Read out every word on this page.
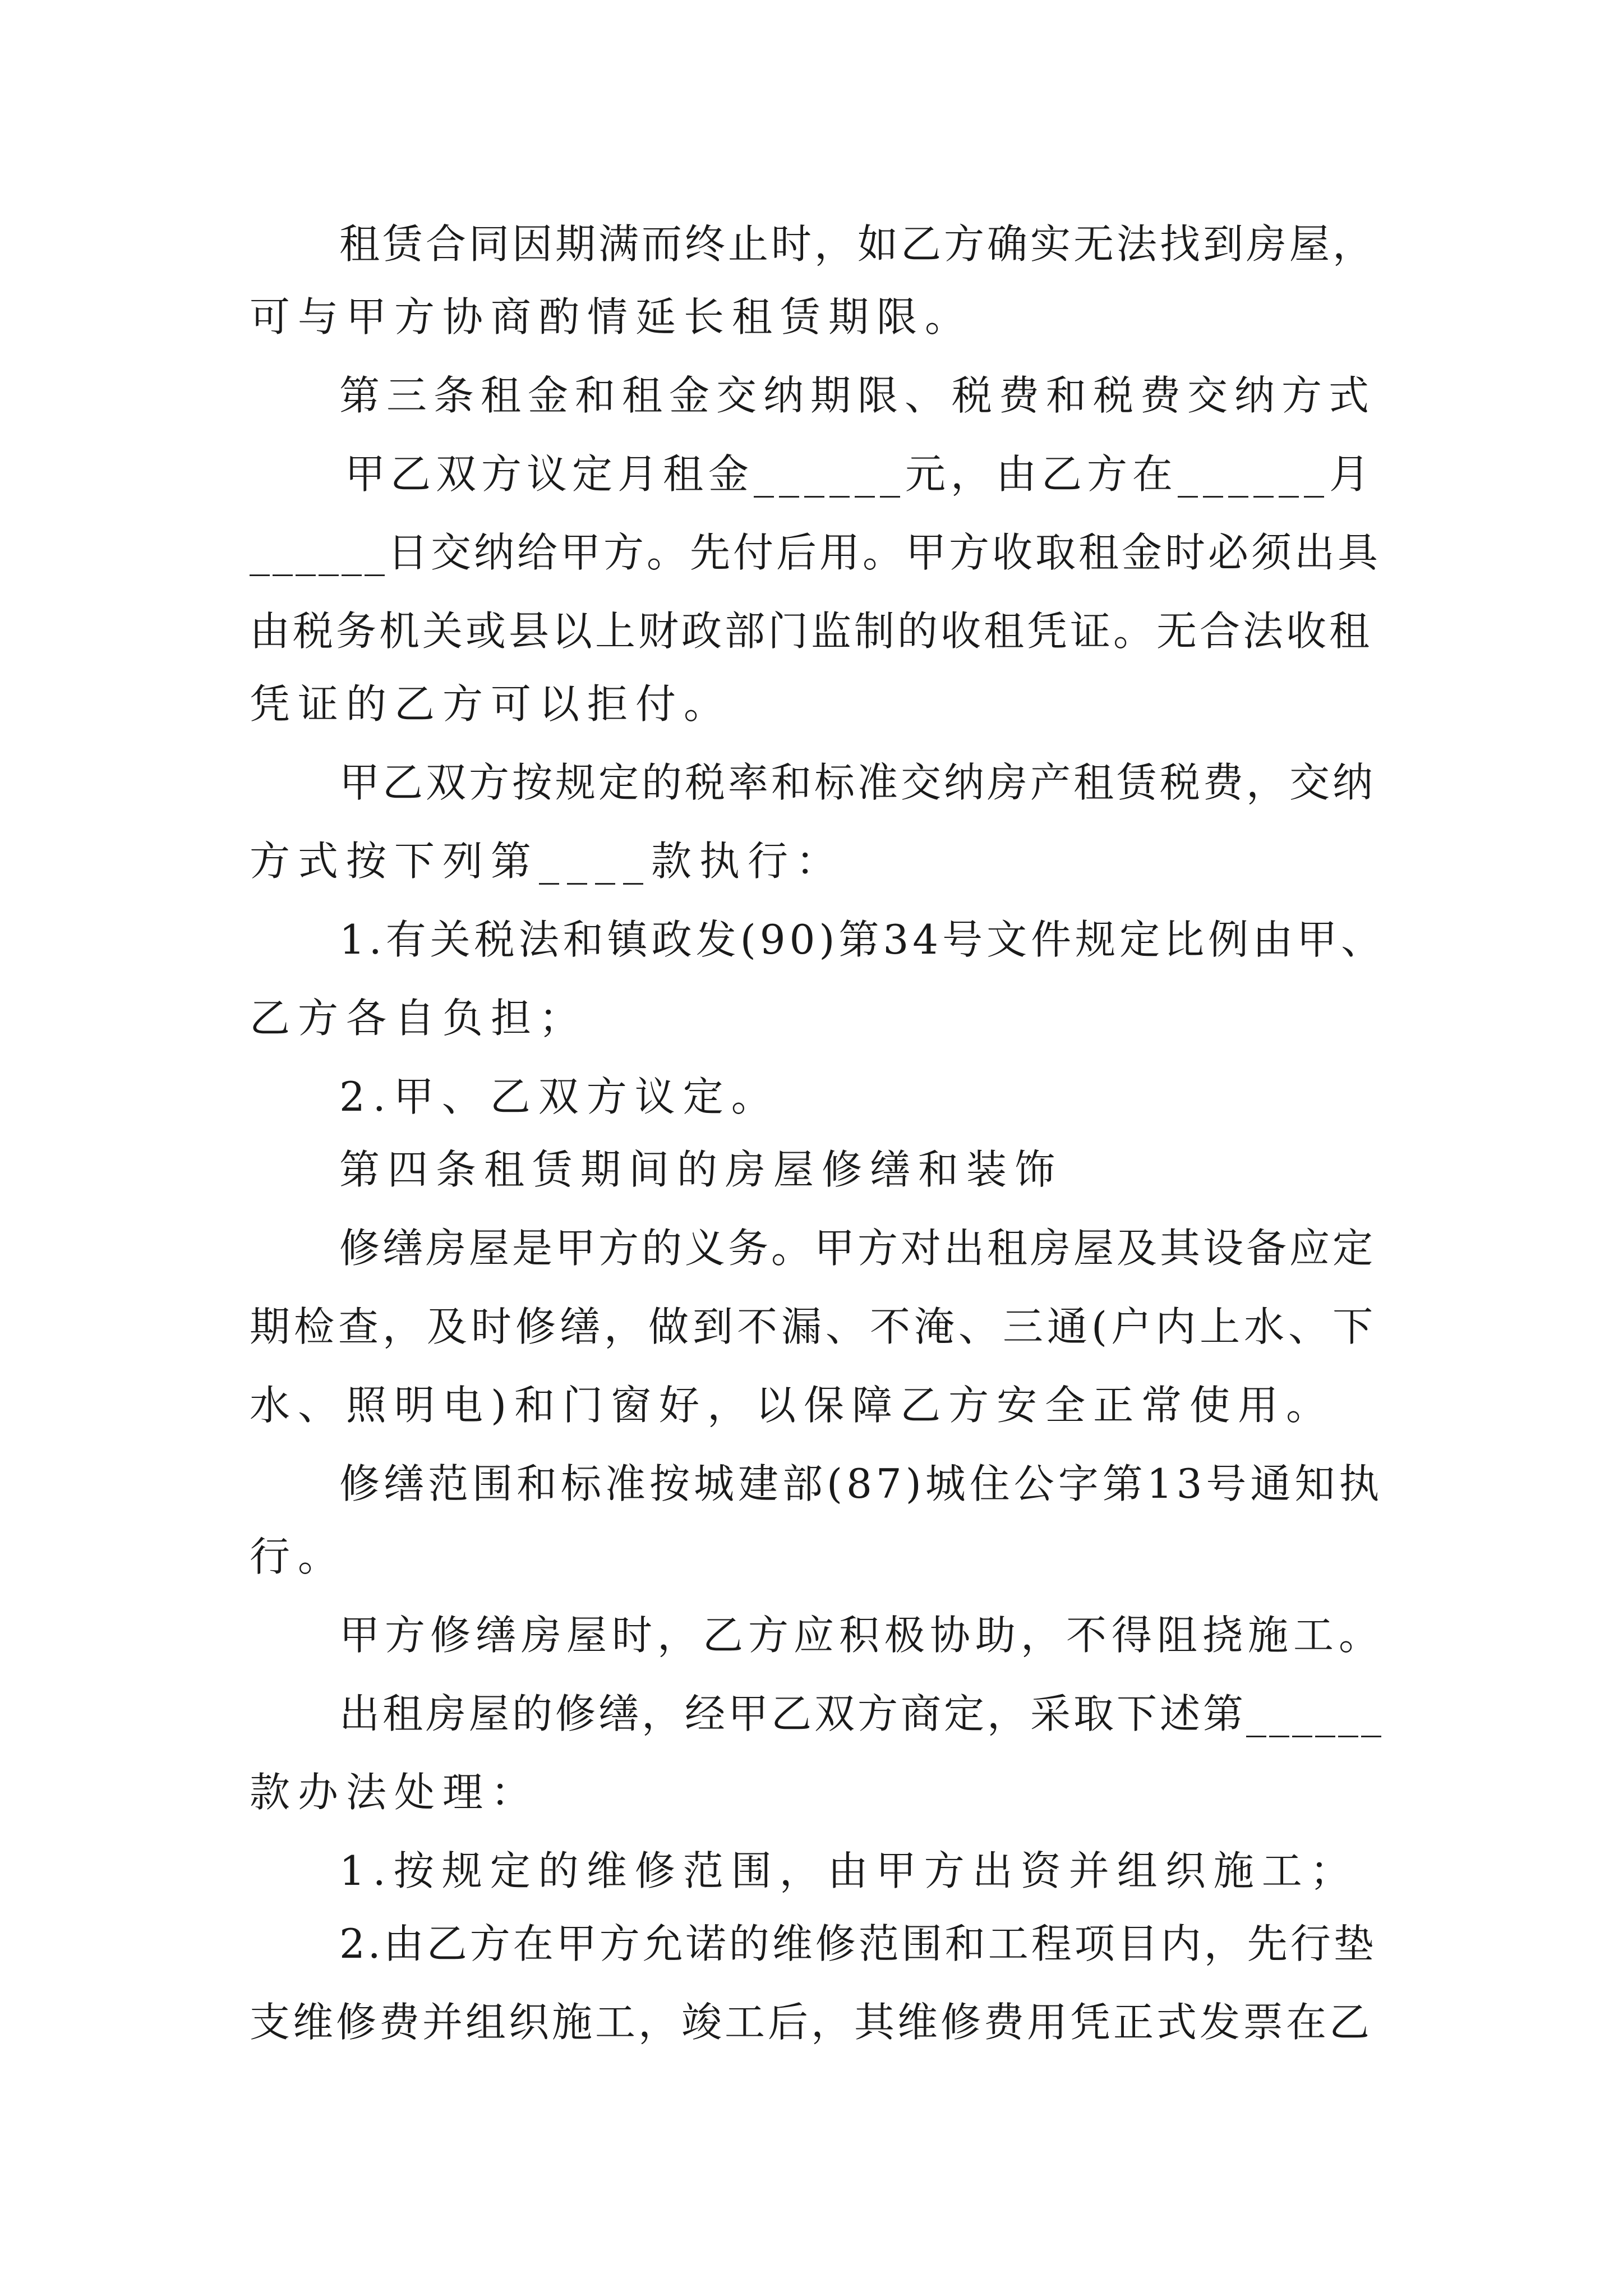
租赁合同因期满而终止时，如乙方确实无法找到房屋，
可与甲方协商酌情延长租赁期限。
第三条租金和租金交纳期限、税费和税费交纳方式
甲乙双方议定月租金______元，由乙方在______月
______日交纳给甲方。先付后用。甲方收取租金时必须出具
由税务机关或县以上财政部门监制的收租凭证。无合法收租
凭证的乙方可以拒付。
甲乙双方按规定的税率和标准交纳房产租赁税费，交纳
方式按下列第____款执行：
1.有关税法和镇政发(90)第34号文件规定比例由甲、
乙方各自负担；
2.甲、乙双方议定。
第四条租赁期间的房屋修缮和装饰
修缮房屋是甲方的义务。甲方对出租房屋及其设备应定
期检查，及时修缮，做到不漏、不淹、三通(户内上水、下
水、照明电)和门窗好，以保障乙方安全正常使用。
修缮范围和标准按城建部(87)城住公字第13号通知执
行。
甲方修缮房屋时，乙方应积极协助，不得阻挠施工。
出租房屋的修缮，经甲乙双方商定，采取下述第______
款办法处理：
1.按规定的维修范围，由甲方出资并组织施工；
2.由乙方在甲方允诺的维修范围和工程项目内，先行垫
支维修费并组织施工，竣工后，其维修费用凭正式发票在乙
